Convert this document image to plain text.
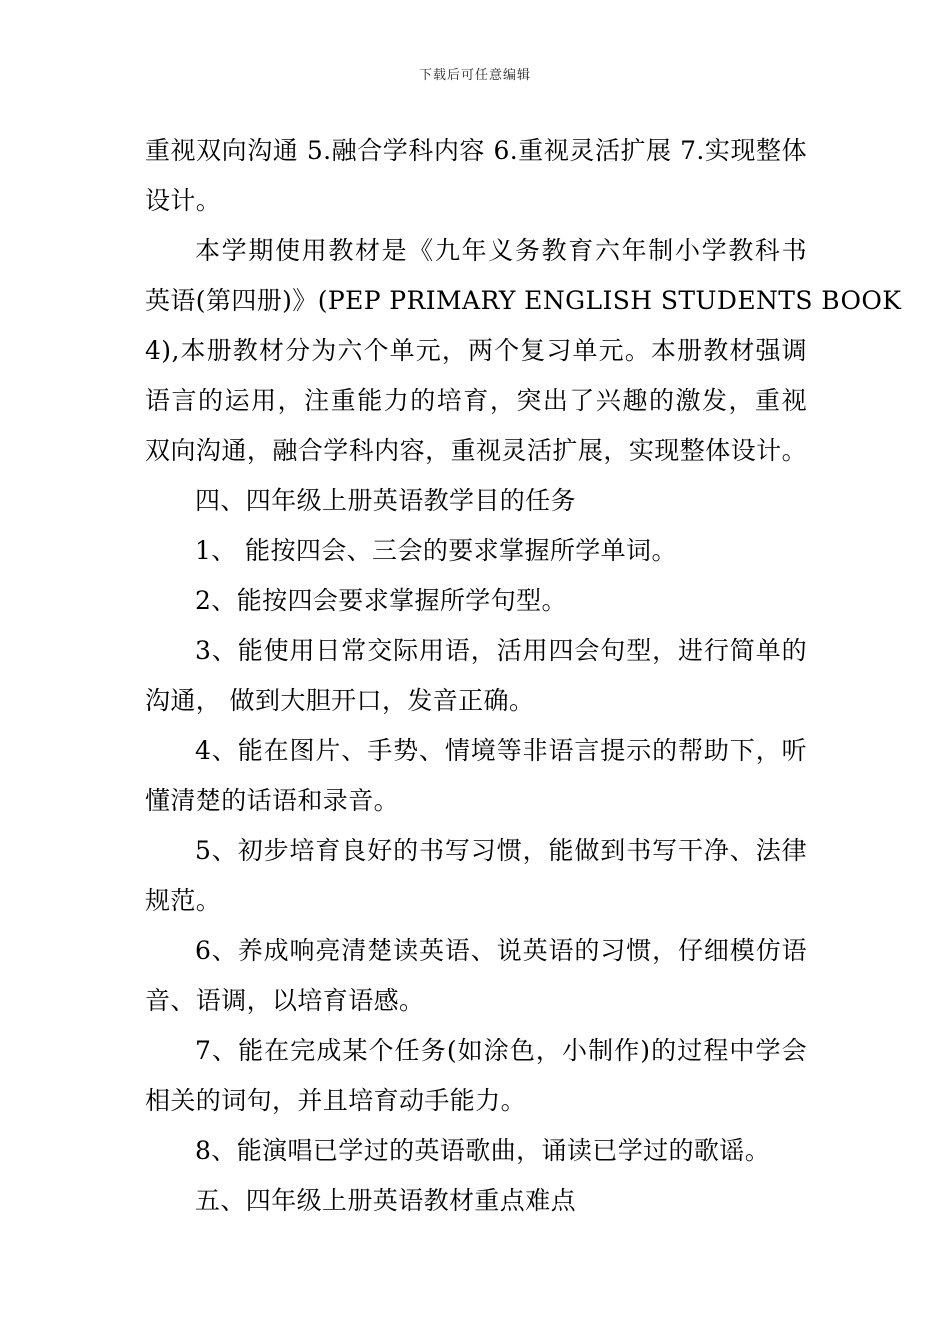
下载后可任意编辑
重视双向沟通 5.融合学科内容 6.重视灵活扩展 7.实现整体
设计。
本学期使用教材是《九年义务教育六年制小学教科书
英语(第四册)》(PEP PRIMARY ENGLISH STUDENTS BOOK
4),本册教材分为六个单元，两个复习单元。本册教材强调
语言的运用，注重能力的培育，突出了兴趣的激发，重视
双向沟通，融合学科内容，重视灵活扩展，实现整体设计。
四、四年级上册英语教学目的任务
1、 能按四会、三会的要求掌握所学单词。
2、能按四会要求掌握所学句型。
3、能使用日常交际用语，活用四会句型，进行简单的
沟通， 做到大胆开口，发音正确。
4、能在图片、手势、情境等非语言提示的帮助下，听
懂清楚的话语和录音。
5、初步培育良好的书写习惯，能做到书写干净、法律
规范。
6、养成响亮清楚读英语、说英语的习惯，仔细模仿语
音、语调，以培育语感。
7、能在完成某个任务(如涂色，小制作)的过程中学会
相关的词句，并且培育动手能力。
8、能演唱已学过的英语歌曲，诵读已学过的歌谣。
五、四年级上册英语教材重点难点
